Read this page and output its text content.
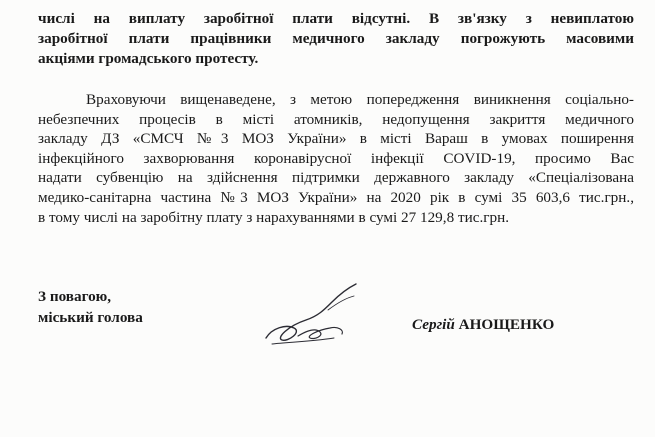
числі на виплату заробітної плати відсутні. В зв'язку з невиплатою
заробітної плати працівники медичного закладу погрожують масовими
акціями громадського протесту.

Враховуючи вищенаведене, з метою попередження виникнення соціально-
небезпечних процесів в місті атомників, недопущення закриття медичного
закладу ДЗ «СМСЧ №3 МОЗ України» в місті Вараш в умовах поширення
інфекційного захворювання коронавірусної інфекції COVID-19, просимо Вас
надати субвенцію на здійснення підтримки державного закладу «Спеціалізована
медико-санітарна частина №3 МОЗ України» на 2020 рік в сумі 35 603,6 тис.грн.,
в тому числі на заробітну плату з нарахуваннями в сумі 27 129,8 тис.грн.

З повагою,
міський голова	Сергій АНОЩЕНКО
